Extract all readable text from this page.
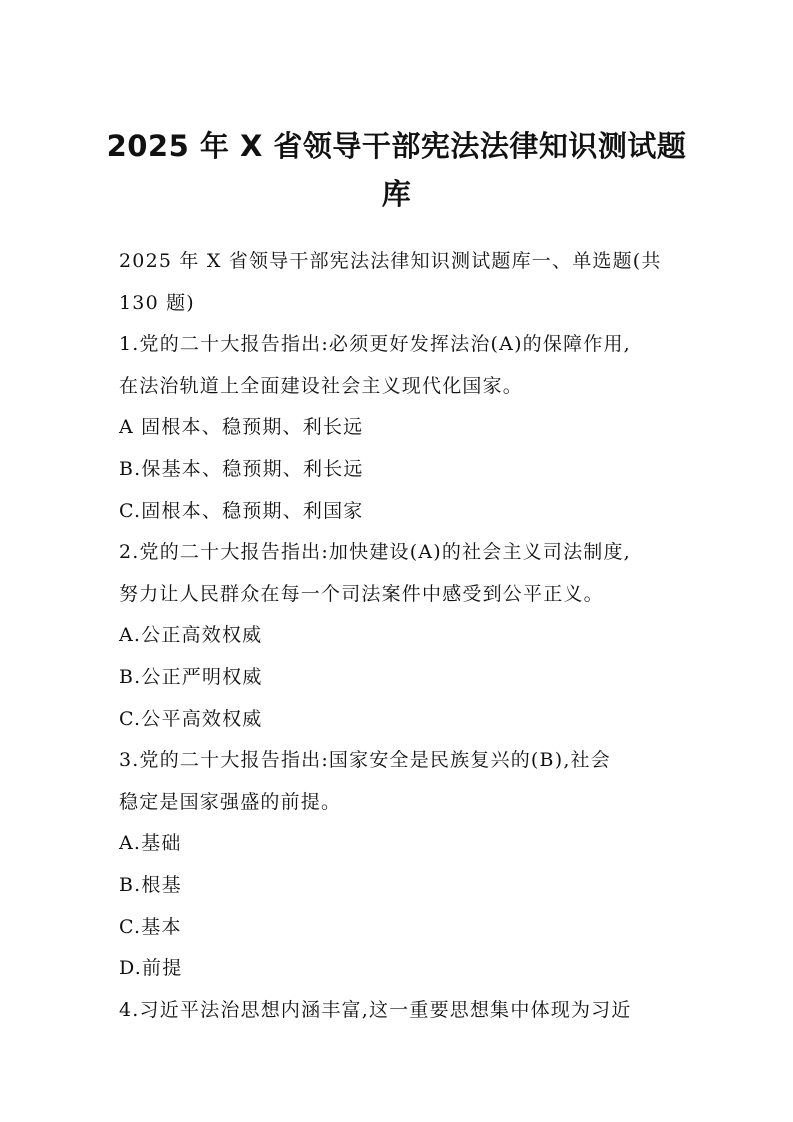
2025 年 X 省领导干部宪法法律知识测试题
库
2025 年 X 省领导干部宪法法律知识测试题库一、单选题(共
130 题)
1.党的二十大报告指出:必须更好发挥法治(A)的保障作用,
在法治轨道上全面建设社会主义现代化国家。
A 固根本、稳预期、利长远
B.保基本、稳预期、利长远
C.固根本、稳预期、利国家
2.党的二十大报告指出:加快建设(A)的社会主义司法制度,
努力让人民群众在每一个司法案件中感受到公平正义。
A.公正高效权威
B.公正严明权威
C.公平高效权威
3.党的二十大报告指出:国家安全是民族复兴的(B),社会
稳定是国家强盛的前提。
A.基础
B.根基
C.基本
D.前提
4.习近平法治思想内涵丰富,这一重要思想集中体现为习近
